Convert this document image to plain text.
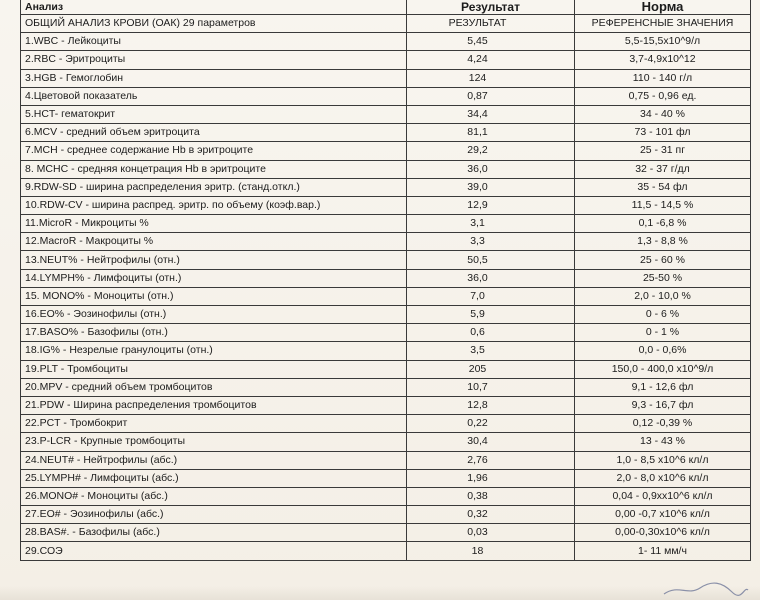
Анализ	Результат	Норма
ОБЩИЙ АНАЛИЗ КРОВИ (ОАК) 29 параметров	РЕЗУЛЬТАТ	РЕФЕРЕНСНЫЕ ЗНАЧЕНИЯ
1.WBC - Лейкоциты	5,45	5,5-15,5x10^9/л
2.RBC - Эритроциты	4,24	3,7-4,9x10^12
3.HGB - Гемоглобин	124	110 - 140 г/л
4.Цветовой показатель	0,87	0,75 - 0,96 ед.
5.HCT- гематокрит	34,4	34 - 40 %
6.MCV - средний объем эритроцита	81,1	73 - 101 фл
7.MCH - среднее содержание Hb в эритроците	29,2	25 - 31 пг
8. MCHC - средняя концетрация Hb в эритроците	36,0	32 - 37 г/дл
9.RDW-SD - ширина распределения эритр. (станд.откл.)	39,0	35 - 54 фл
10.RDW-CV - ширина распред. эритр. по объему (коэф.вар.)	12,9	11,5 - 14,5 %
11.MicroR - Микроциты %	3,1	0,1 -6,8 %
12.MacroR - Макроциты %	3,3	1,3 - 8,8 %
13.NEUT% - Нейтрофилы (отн.)	50,5	25 - 60 %
14.LYMPH% - Лимфоциты (отн.)	36,0	25-50 %
15. MONO% - Моноциты (отн.)	7,0	2,0 - 10,0 %
16.EO% - Эозинофилы (отн.)	5,9	0 - 6 %
17.BASO% - Базофилы (отн.)	0,6	0 - 1 %
18.IG% - Незрелые гранулоциты (отн.)	3,5	0,0 - 0,6%
19.PLT - Тромбоциты	205	150,0 - 400,0 x10^9/л
20.MPV - средний объем тромбоцитов	10,7	9,1 - 12,6 фл
21.PDW - Ширина распределения тромбоцитов	12,8	9,3 - 16,7 фл
22.PCT - Тромбокрит	0,22	0,12 -0,39 %
23.P-LCR - Крупные тромбоциты	30,4	13 - 43 %
24.NEUT# - Нейтрофилы (абс.)	2,76	1,0 - 8,5 x10^6 кл/л
25.LYMPH# - Лимфоциты (абс.)	1,96	2,0 - 8,0 x10^6 кл/л
26.MONO# - Моноциты (абс.)	0,38	0,04 - 0,9xx10^6 кл/л
27.EO# - Эозинофилы (абс.)	0,32	0,00 -0,7 x10^6 кл/л
28.BAS#. - Базофилы (абс.)	0,03	0,00-0,30x10^6 кл/л
29.СОЭ	18	1- 11 мм/ч
